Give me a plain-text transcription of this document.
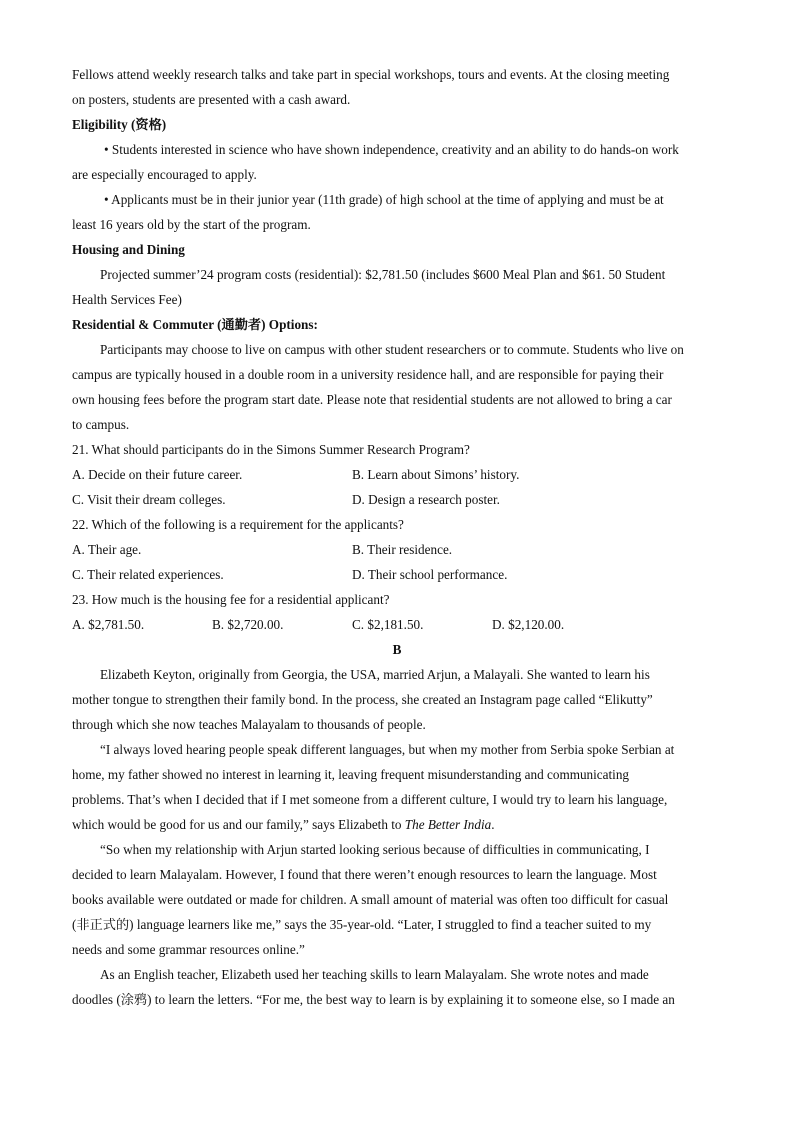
Fellows attend weekly research talks and take part in special workshops, tours and events. At the closing meeting
on posters, students are presented with a cash award.
Eligibility (资格)
• Students interested in science who have shown independence, creativity and an ability to do hands-on work
are especially encouraged to apply.
• Applicants must be in their junior year (11th grade) of high school at the time of applying and must be at
least 16 years old by the start of the program.
Housing and Dining
Projected summer’24 program costs (residential): $2,781.50 (includes $600 Meal Plan and $61. 50 Student
Health Services Fee)
Residential & Commuter (通勤者) Options:
Participants may choose to live on campus with other student researchers or to commute. Students who live on
campus are typically housed in a double room in a university residence hall, and are responsible for paying their
own housing fees before the program start date. Please note that residential students are not allowed to bring a car
to campus.
21. What should participants do in the Simons Summer Research Program?
A. Decide on their future career.	B. Learn about Simons’ history.
C. Visit their dream colleges.	D. Design a research poster.
22. Which of the following is a requirement for the applicants?
A. Their age.	B. Their residence.
C. Their related experiences.	D. Their school performance.
23. How much is the housing fee for a residential applicant?
A. $2,781.50.	B. $2,720.00.	C. $2,181.50.	D. $2,120.00.
B
Elizabeth Keyton, originally from Georgia, the USA, married Arjun, a Malayali. She wanted to learn his
mother tongue to strengthen their family bond. In the process, she created an Instagram page called “Elikutty”
through which she now teaches Malayalam to thousands of people.
“I always loved hearing people speak different languages, but when my mother from Serbia spoke Serbian at
home, my father showed no interest in learning it, leaving frequent misunderstanding and communicating
problems. That’s when I decided that if I met someone from a different culture, I would try to learn his language,
which would be good for us and our family,” says Elizabeth to The Better India.
“So when my relationship with Arjun started looking serious because of difficulties in communicating, I
decided to learn Malayalam. However, I found that there weren’t enough resources to learn the language. Most
books available were outdated or made for children. A small amount of material was often too difficult for casual
(非正式的) language learners like me,” says the 35-year-old. “Later, I struggled to find a teacher suited to my
needs and some grammar resources online.”
As an English teacher, Elizabeth used her teaching skills to learn Malayalam. She wrote notes and made
doodles (涂鸦) to learn the letters. “For me, the best way to learn is by explaining it to someone else, so I made an
